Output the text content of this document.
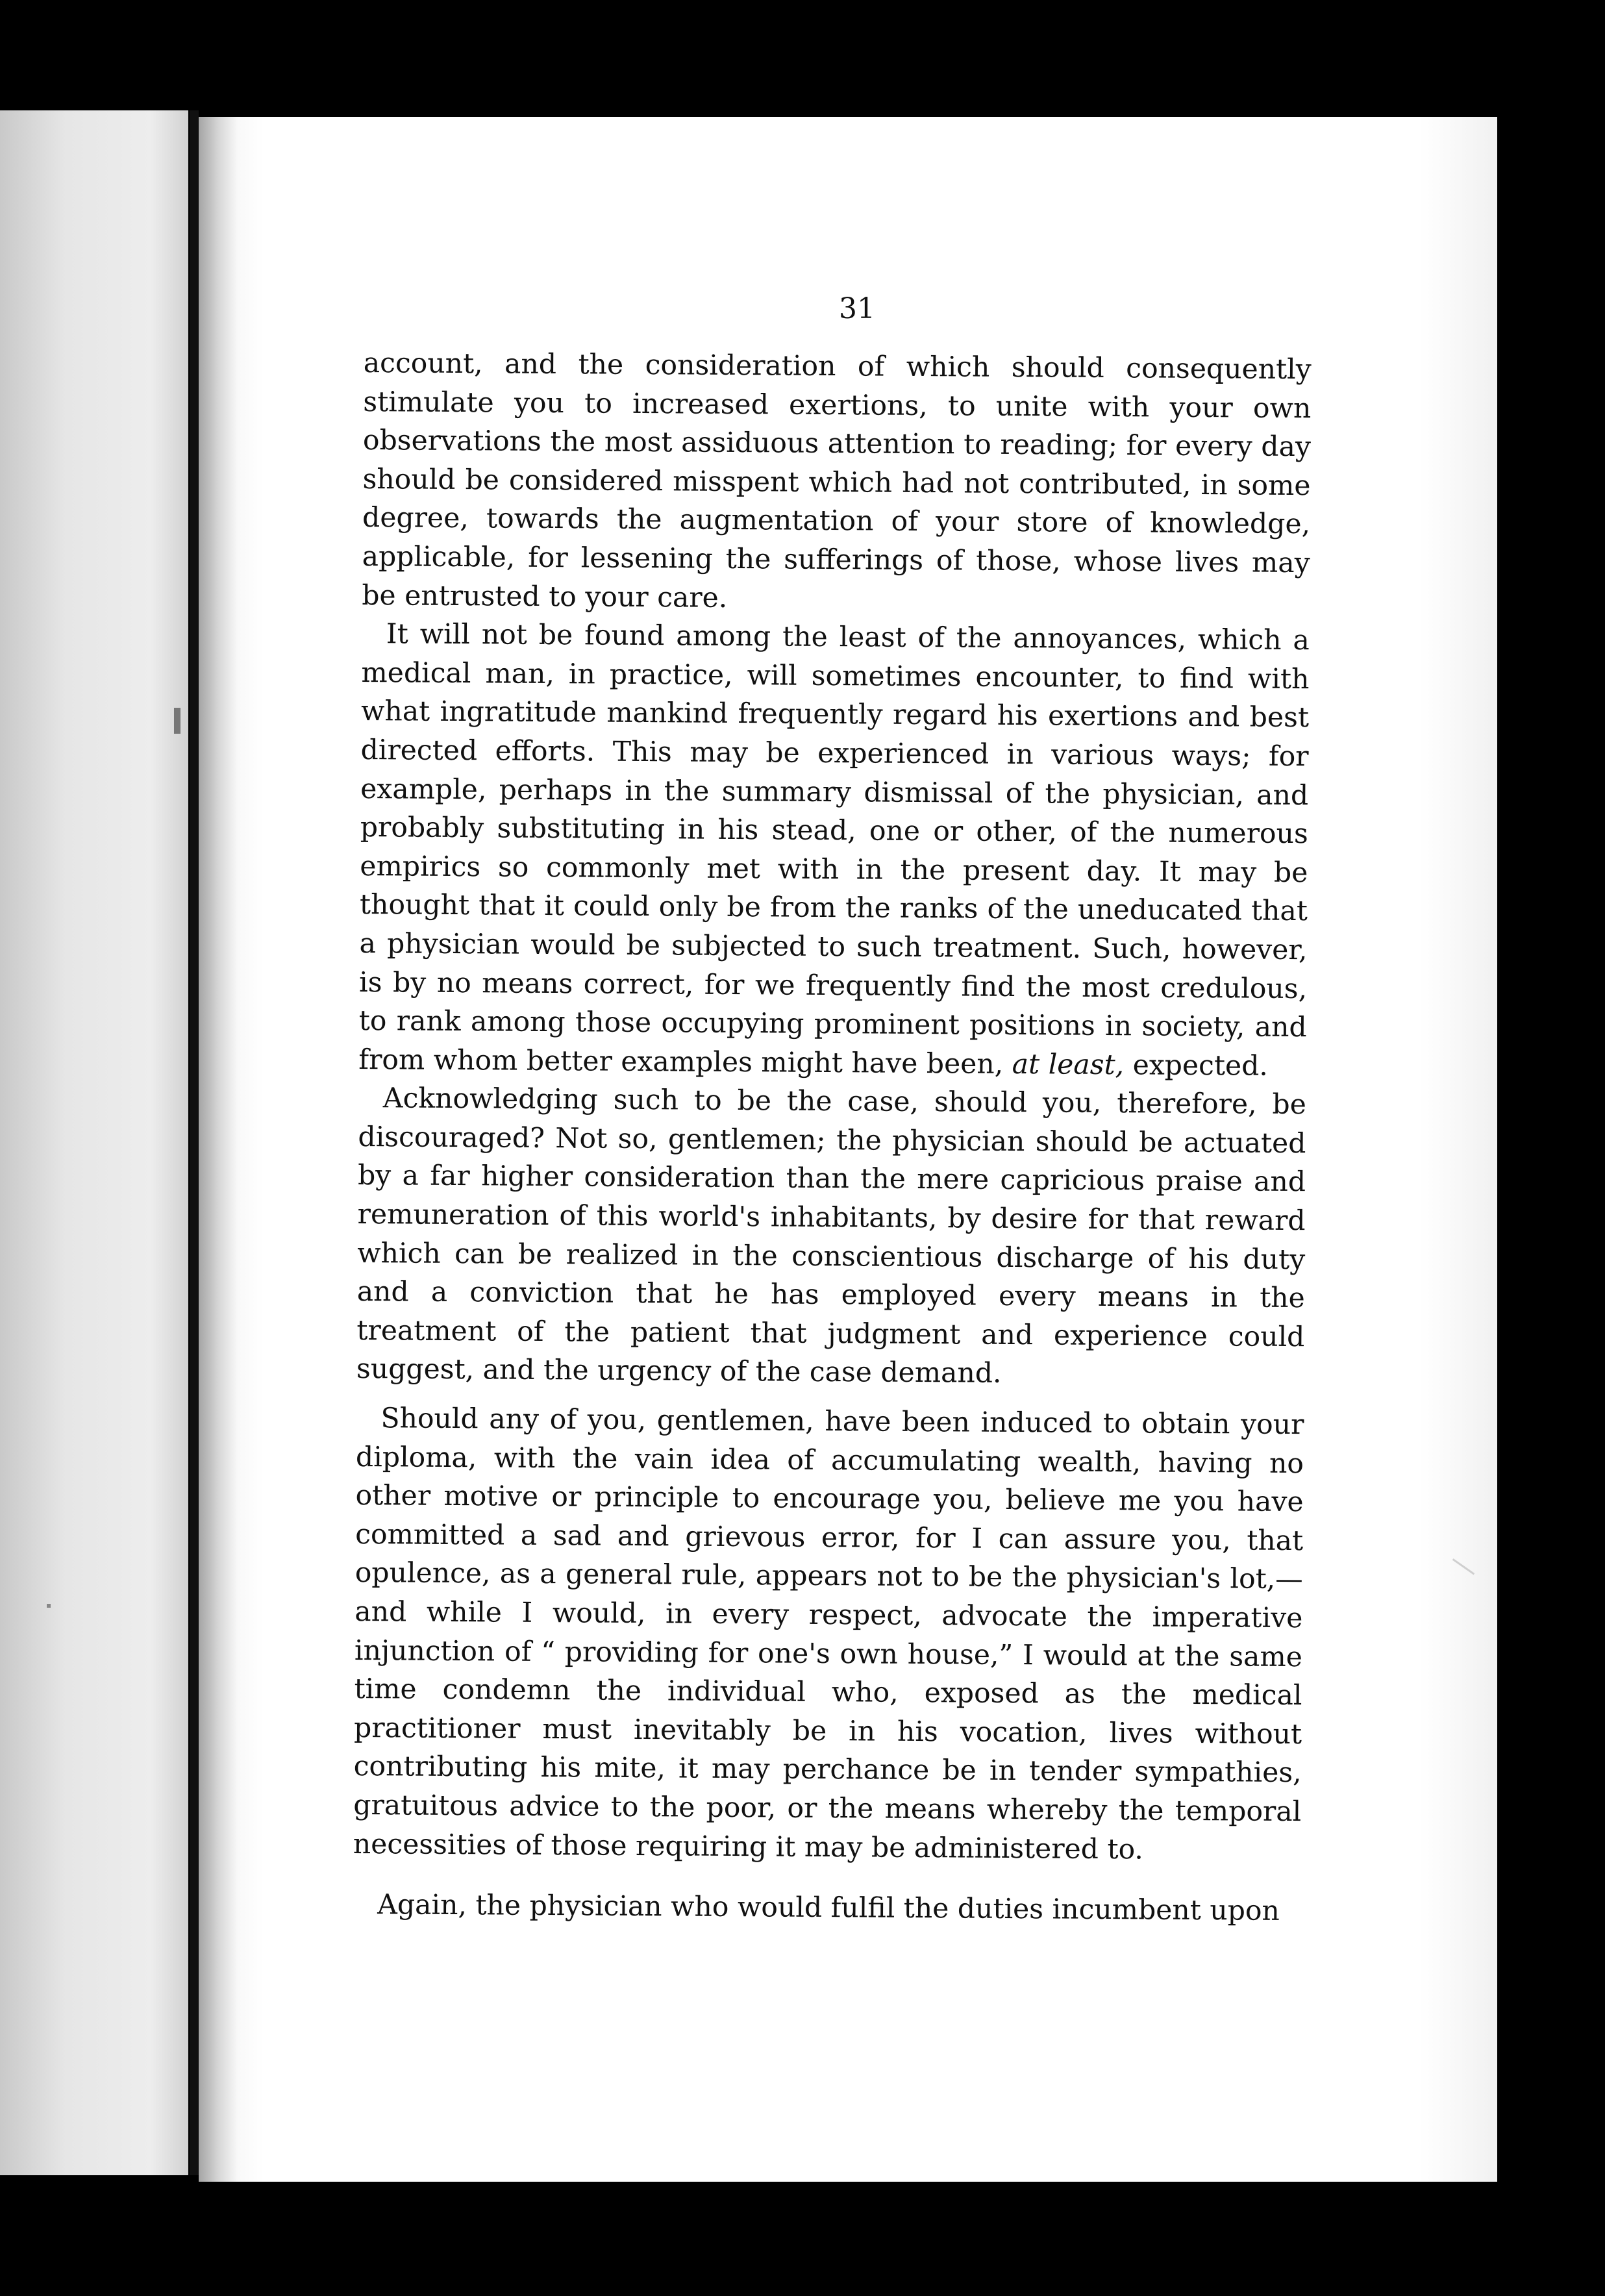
31

account, and the consideration of which should consequently stimulate you to increased exertions, to unite with your own observations the most assiduous attention to reading; for every day should be considered misspent which had not contributed, in some degree, towards the augmentation of your store of knowledge, applicable, for lessening the sufferings of those, whose lives may be entrusted to your care.

It will not be found among the least of the annoyances, which a medical man, in practice, will sometimes encounter, to find with what ingratitude mankind frequently regard his exertions and best directed efforts. This may be experienced in various ways; for example, perhaps in the summary dismissal of the physician, and probably substituting in his stead, one or other, of the numerous empirics so commonly met with in the present day. It may be thought that it could only be from the ranks of the uneducated that a physician would be subjected to such treatment. Such, however, is by no means correct, for we frequently find the most credulous, to rank among those occupying prominent positions in society, and from whom better examples might have been, at least, expected.

Acknowledging such to be the case, should you, therefore, be discouraged? Not so, gentlemen; the physician should be actuated by a far higher consideration than the mere capricious praise and remuneration of this world's inhabitants, by desire for that reward which can be realized in the conscientious discharge of his duty and a conviction that he has employed every means in the treatment of the patient that judgment and experience could suggest, and the urgency of the case demand.

Should any of you, gentlemen, have been induced to obtain your diploma, with the vain idea of accumulating wealth, having no other motive or principle to encourage you, believe me you have committed a sad and grievous error, for I can assure you, that opulence, as a general rule, appears not to be the physician's lot,—and while I would, in every respect, advocate the imperative injunction of “ providing for one's own house,” I would at the same time condemn the individual who, exposed as the medical practitioner must inevitably be in his vocation, lives without contributing his mite, it may perchance be in tender sympathies, gratuitous advice to the poor, or the means whereby the temporal necessities of those requiring it may be administered to.

Again, the physician who would fulfil the duties incumbent upon
